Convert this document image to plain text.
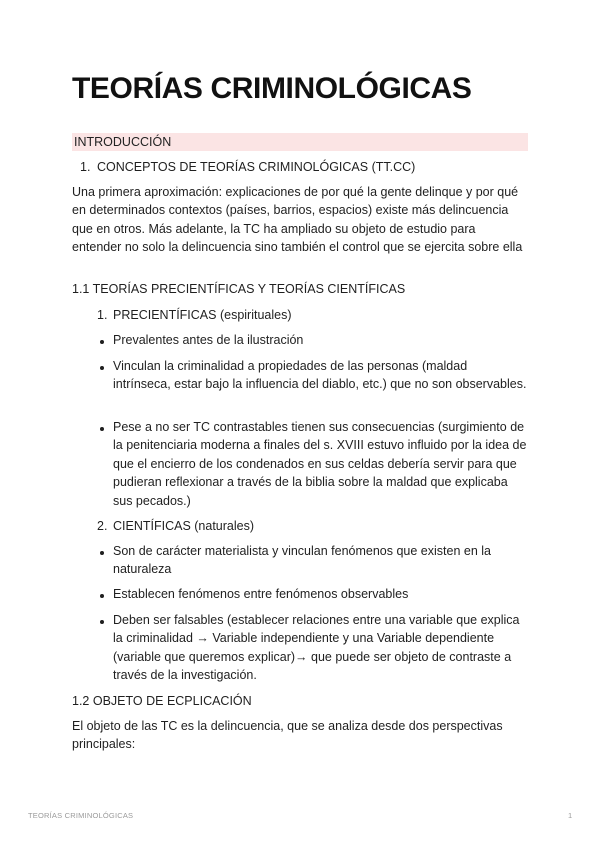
TEORÍAS CRIMINOLÓGICAS
INTRODUCCIÓN
1. CONCEPTOS DE TEORÍAS CRIMINOLÓGICAS (TT.CC)
Una primera aproximación: explicaciones de por qué la gente delinque y por qué en determinados contextos (países, barrios, espacios) existe más delincuencia que en otros. Más adelante, la TC ha ampliado su objeto de estudio para entender no solo la delincuencia sino también el control que se ejercita sobre ella
1.1 TEORÍAS PRECIENTÍFICAS Y TEORÍAS CIENTÍFICAS
1. PRECIENTÍFICAS (espirituales)
Prevalentes antes de la ilustración
Vinculan la criminalidad a propiedades de las personas (maldad intrínseca, estar bajo la influencia del diablo, etc.) que no son observables.
Pese a no ser TC contrastables tienen sus consecuencias (surgimiento de la penitenciaria moderna a finales del s. XVIII estuvo influido por la idea de que el encierro de los condenados en sus celdas debería servir para que pudieran reflexionar a través de la biblia sobre la maldad que explicaba sus pecados.)
2. CIENTÍFICAS (naturales)
Son de carácter materialista y vinculan fenómenos que existen en la naturaleza
Establecen fenómenos entre fenómenos observables
Deben ser falsables (establecer relaciones entre una variable que explica la criminalidad → Variable independiente y una Variable dependiente (variable que queremos explicar)→ que puede ser objeto de contraste a través de la investigación.
1.2 OBJETO DE ECPLICACIÓN
El objeto de las TC es la delincuencia, que se analiza desde dos perspectivas principales:
TEORÍAS CRIMINOLÓGICAS	1
